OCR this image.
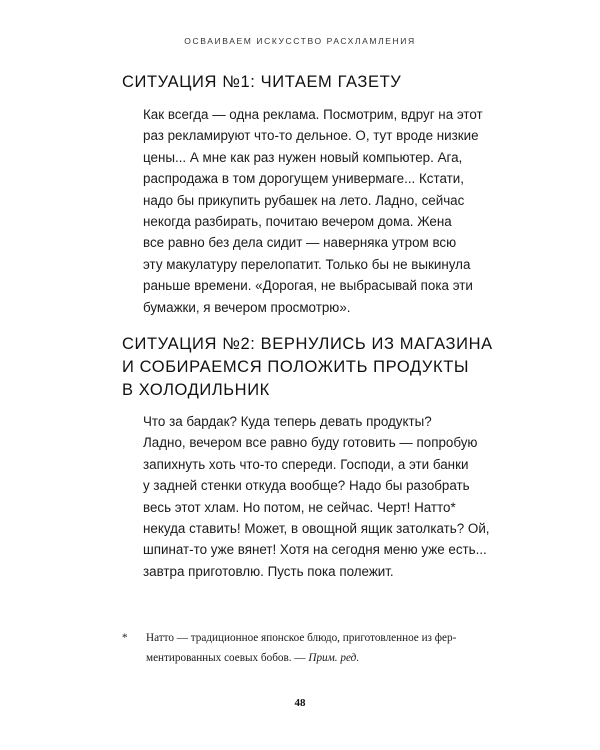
ОСВАИВАЕМ ИСКУССТВО РАСХЛАМЛЕНИЯ
СИТУАЦИЯ №1: ЧИТАЕМ ГАЗЕТУ
Как всегда — одна реклама. Посмотрим, вдруг на этот
раз рекламируют что-то дельное. О, тут вроде низкие
цены... А мне как раз нужен новый компьютер. Ага,
распродажа в том дорогущем универмаге... Кстати,
надо бы прикупить рубашек на лето. Ладно, сейчас
некогда разбирать, почитаю вечером дома. Жена
все равно без дела сидит — наверняка утром всю
эту макулатуру перелопатит. Только бы не выкинула
раньше времени. «Дорогая, не выбрасывай пока эти
бумажки, я вечером просмотрю».
СИТУАЦИЯ №2: ВЕРНУЛИСЬ ИЗ МАГАЗИНА
И СОБИРАЕМСЯ ПОЛОЖИТЬ ПРОДУКТЫ
В ХОЛОДИЛЬНИК
Что за бардак? Куда теперь девать продукты?
Ладно, вечером все равно буду готовить — попробую
запихнуть хоть что-то спереди. Господи, а эти банки
у задней стенки откуда вообще? Надо бы разобрать
весь этот хлам. Но потом, не сейчас. Черт! Натто*
некуда ставить! Может, в овощной ящик затолкать? Ой,
шпинат-то уже вянет! Хотя на сегодня меню уже есть...
завтра приготовлю. Пусть пока полежит.
* Натто — традиционное японское блюдо, приготовленное из фер-
ментированных соевых бобов. — Прим. ред.
48
